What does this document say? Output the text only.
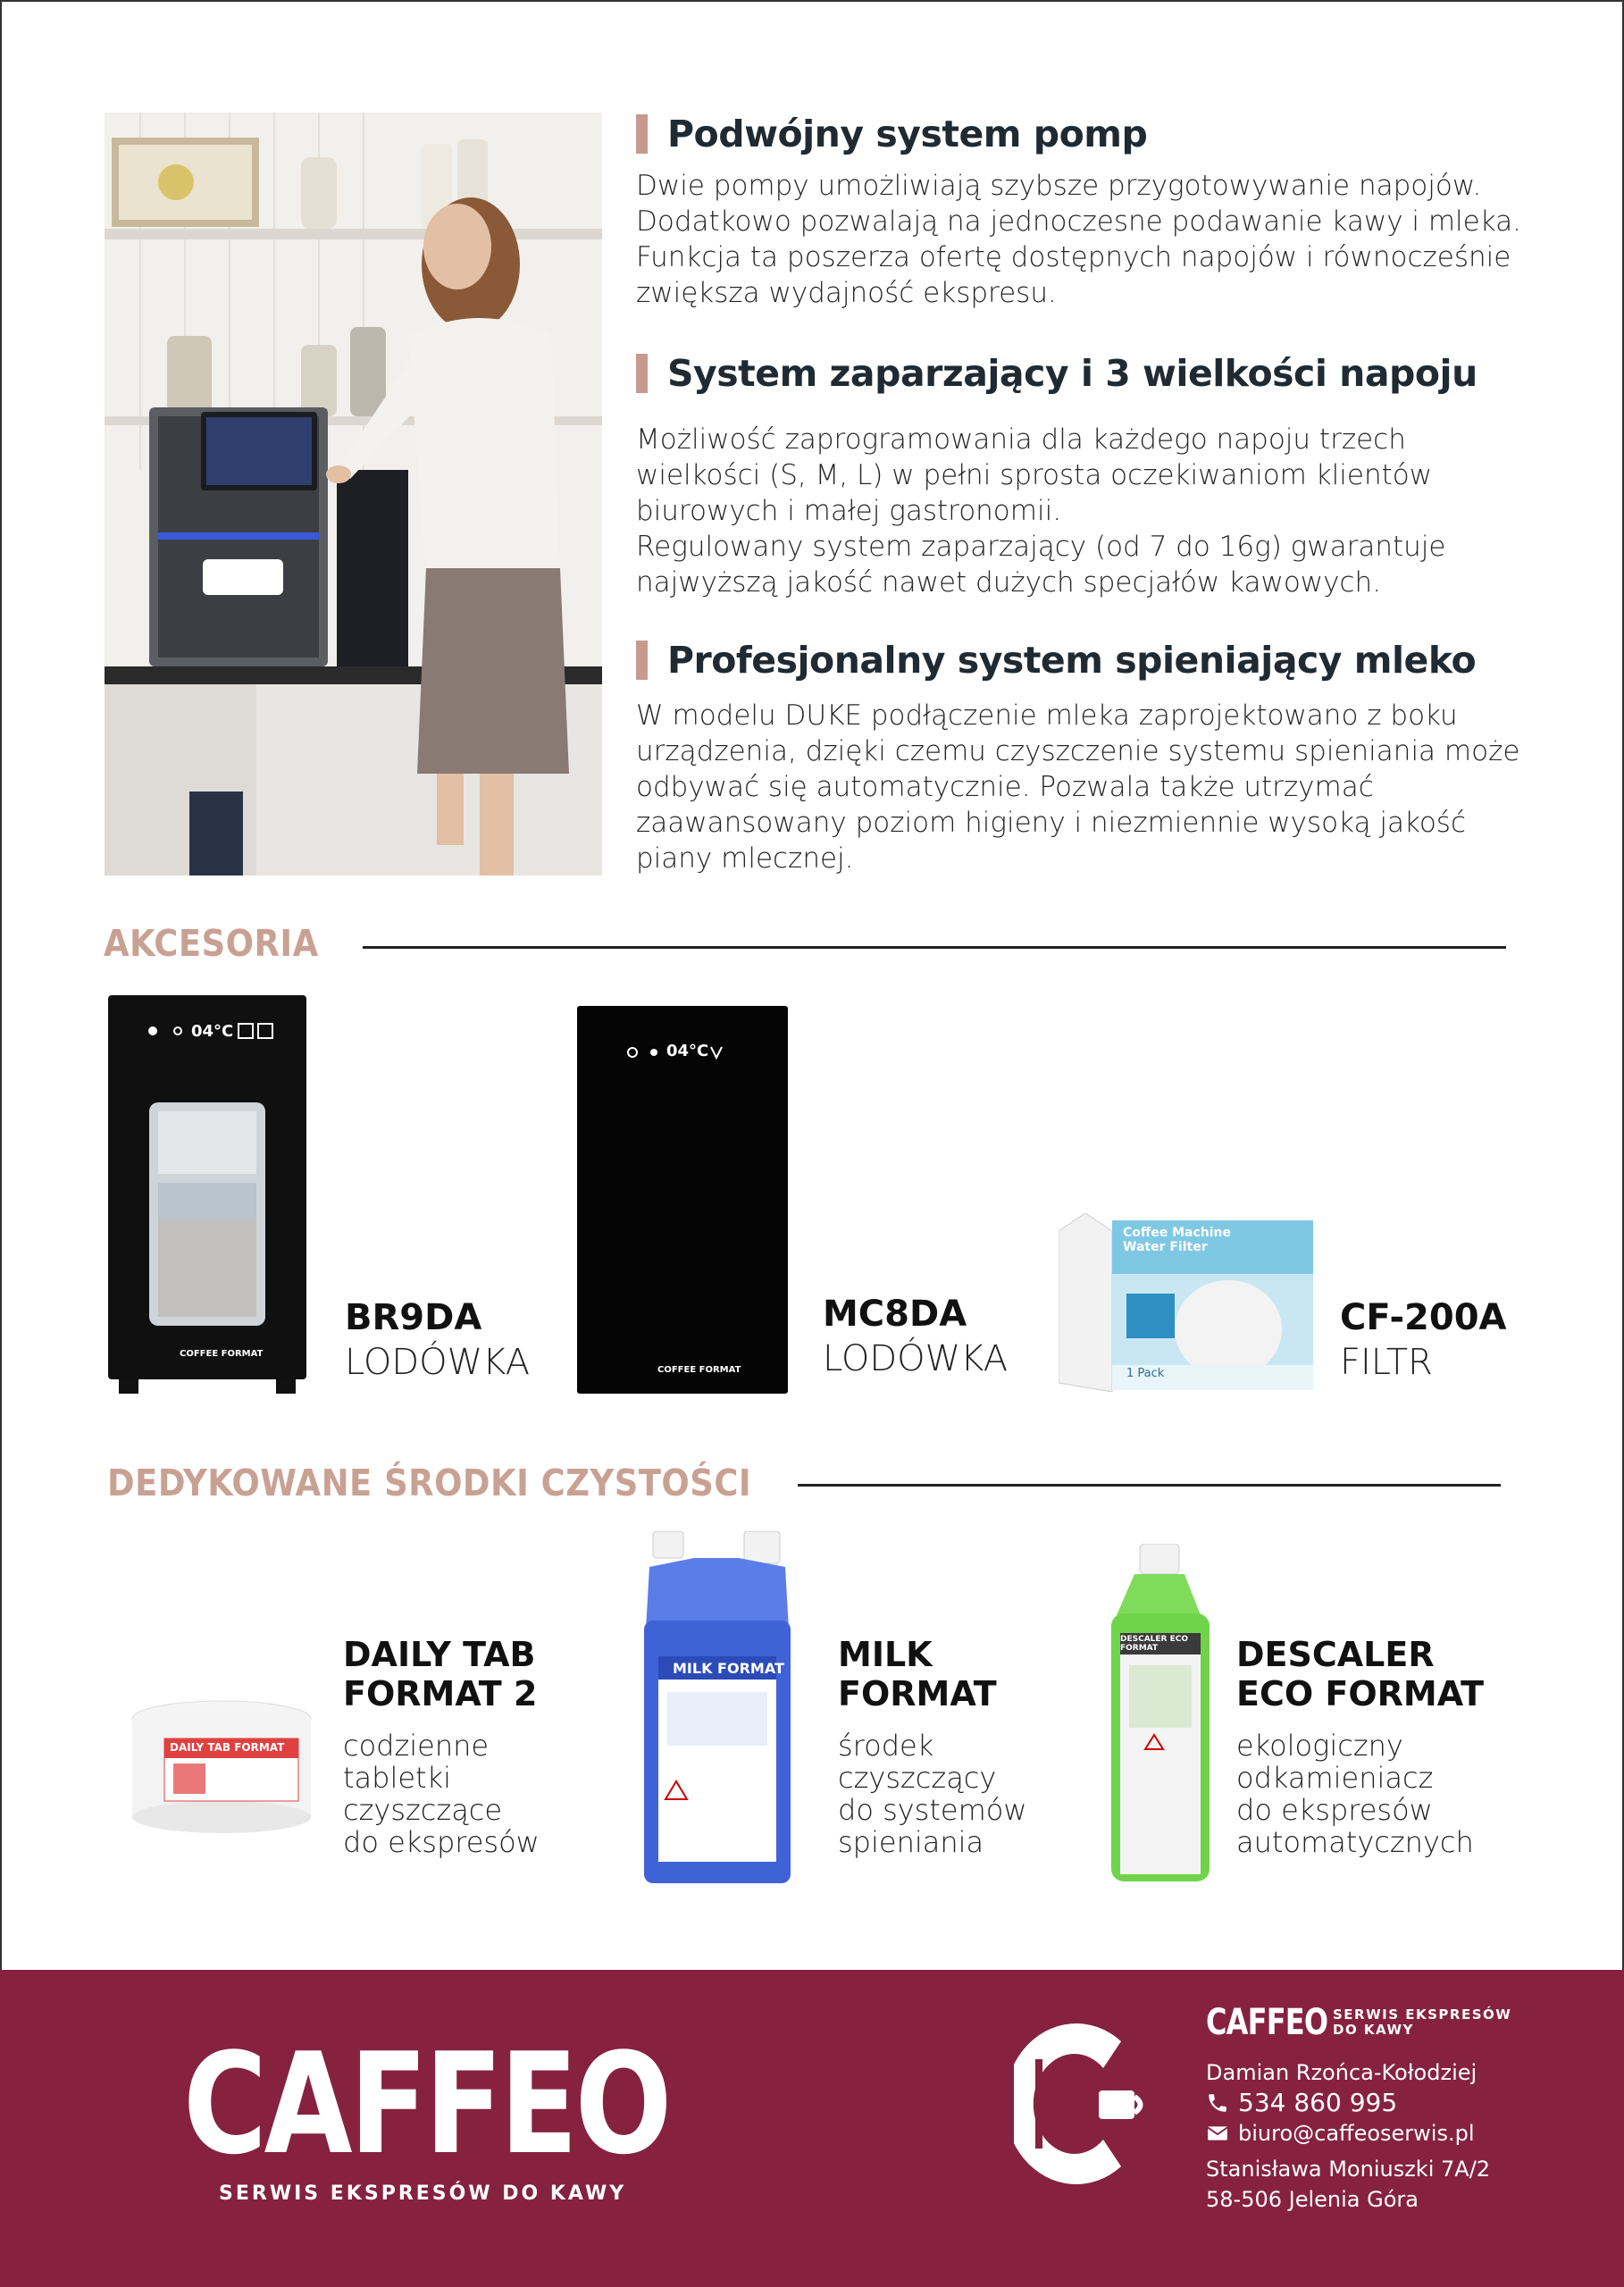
Podwójny system pomp

Dwie pompy umożliwiają szybsze przygotowywanie napojów.
Dodatkowo pozwalają na jednoczesne podawanie kawy i mleka.
Funkcja ta poszerza ofertę dostępnych napojów i równocześnie
zwiększa wydajność ekspresu.

System zaparzający i 3 wielkości napoju

Możliwość zaprogramowania dla każdego napoju trzech
wielkości (S, M, L) w pełni sprosta oczekiwaniom klientów
biurowych i małej gastronomii.
Regulowany system zaparzający (od 7 do 16g) gwarantuje
najwyższą jakość nawet dużych specjałów kawowych.

Profesjonalny system spieniający mleko

W modelu DUKE podłączenie mleka zaprojektowano z boku
urządzenia, dzięki czemu czyszczenie systemu spieniania może
odbywać się automatycznie. Pozwala także utrzymać
zaawansowany poziom higieny i niezmiennie wysoką jakość
piany mlecznej.

AKCESORIA
04°C
COFFEE FORMAT
BR9DA
LODÓWKA
04°C
COFFEE FORMAT
MC8DA
LODÓWKA
Coffee Machine Water Filter
1 Pack
CF-200A
FILTR
DEDYKOWANE ŚRODKI CZYSTOŚCI
DAILY TAB FORMAT
DAILY TAB
FORMAT 2
codzienne
tabletki
czyszczące
do ekspresów
MILK FORMAT MILK
FORMAT
środek
czyszczący
do systemów
spieniania
DESCALER ECO FORMAT	DESCALER
ECO FORMAT
ekologiczny
odkamieniacz
do ekspresów
automatycznych
CAFFEO
SERWIS EKSPRESÓW DO KAWY
CAFFEO SERWIS EKSPRESÓW
DO KAWY
Damian Rzońca-Kołodziej
534 860 995
biuro@caffeoserwis.pl
Stanisława Moniuszki 7A/2
58-506 Jelenia Góra
